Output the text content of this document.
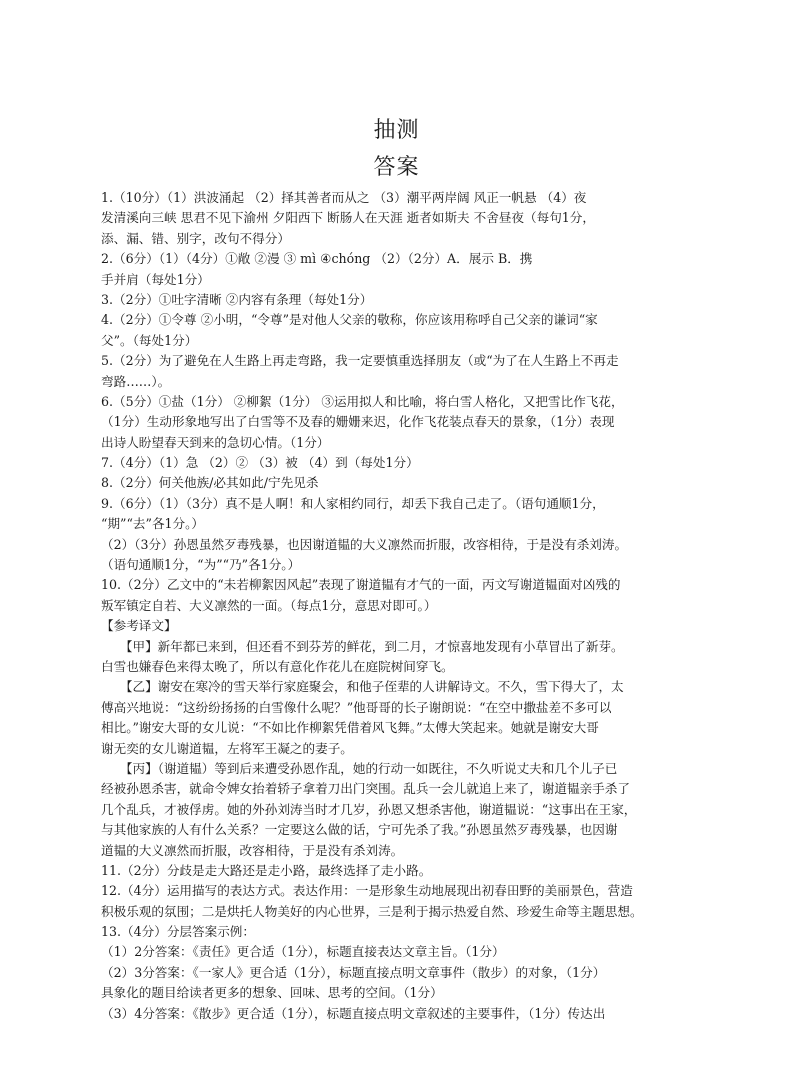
抽测
答案
1.（10分）（1）洪波涌起 （2）择其善者而从之 （3）潮平两岸阔 风正一帆悬 （4）夜
发清溪向三峡 思君不见下渝州 夕阳西下 断肠人在天涯 逝者如斯夫 不舍昼夜（每句1分，
添、漏、错、别字，改句不得分）
2.（6分）（1）（4分）①敞 ②漫 ③ mì ④chóng （2）（2分）A．展示 B．携
手并肩（每处1分）
3.（2分）①吐字清晰 ②内容有条理（每处1分）
4.（2分）①令尊 ②小明，“令尊”是对他人父亲的敬称，你应该用称呼自己父亲的谦词“家
父”。（每处1分）
5.（2分）为了避免在人生路上再走弯路，我一定要慎重选择朋友（或“为了在人生路上不再走
弯路……）。
6.（5分）①盐（1分） ②柳絮（1分） ③运用拟人和比喻，将白雪人格化，又把雪比作飞花，
（1分）生动形象地写出了白雪等不及春的姗姗来迟，化作飞花装点春天的景象，（1分）表现
出诗人盼望春天到来的急切心情。（1分）
7.（4分）（1）急 （2）② （3）被 （4）到（每处1分）
8.（2分）何关他族/必其如此/宁先见杀
9.（6分）（1）（3分）真不是人啊！和人家相约同行，却丢下我自己走了。（语句通顺1分，
“期”“去”各1分。）
（2）（3分）孙恩虽然歹毒残暴，也因谢道韫的大义凛然而折服，改容相待，于是没有杀刘涛。
（语句通顺1分，“为”“乃”各1分。）
10.（2分）乙文中的“未若柳絮因风起”表现了谢道韫有才气的一面，丙文写谢道韫面对凶残的
叛军镇定自若、大义凛然的一面。（每点1分，意思对即可。）
【参考译文】
　　【甲】新年都已来到，但还看不到芬芳的鲜花，到二月，才惊喜地发现有小草冒出了新芽。
白雪也嫌春色来得太晚了，所以有意化作花儿在庭院树间穿飞。
　　【乙】谢安在寒冷的雪天举行家庭聚会，和他子侄辈的人讲解诗文。不久，雪下得大了，太
傅高兴地说：“这纷纷扬扬的白雪像什么呢？”他哥哥的长子谢朗说：“在空中撒盐差不多可以
相比。”谢安大哥的女儿说：“不如比作柳絮凭借着风飞舞。”太傅大笑起来。她就是谢安大哥
谢无奕的女儿谢道韫，左将军王凝之的妻子。
　　【丙】（谢道韫）等到后来遭受孙恩作乱，她的行动一如既往，不久听说丈夫和几个儿子已
经被孙恩杀害，就命令婢女抬着轿子拿着刀出门突围。乱兵一会儿就追上来了，谢道韫亲手杀了
几个乱兵，才被俘虏。她的外孙刘涛当时才几岁，孙恩又想杀害他，谢道韫说：“这事出在王家，
与其他家族的人有什么关系？一定要这么做的话，宁可先杀了我。”孙恩虽然歹毒残暴，也因谢
道韫的大义凛然而折服，改容相待，于是没有杀刘涛。
11.（2分）分歧是走大路还是走小路，最终选择了走小路。
12.（4分）运用描写的表达方式。表达作用：一是形象生动地展现出初春田野的美丽景色，营造
积极乐观的氛围；二是烘托人物美好的内心世界，三是利于揭示热爱自然、珍爱生命等主题思想。
13.（4分）分层答案示例：
（1）2分答案：《责任》更合适（1分），标题直接表达文章主旨。（1分）
（2）3分答案：《一家人》更合适（1分），标题直接点明文章事件（散步）的对象，（1分）
具象化的题目给读者更多的想象、回味、思考的空间。（1分）
（3）4分答案：《散步》更合适（1分），标题直接点明文章叙述的主要事件，（1分）传达出
